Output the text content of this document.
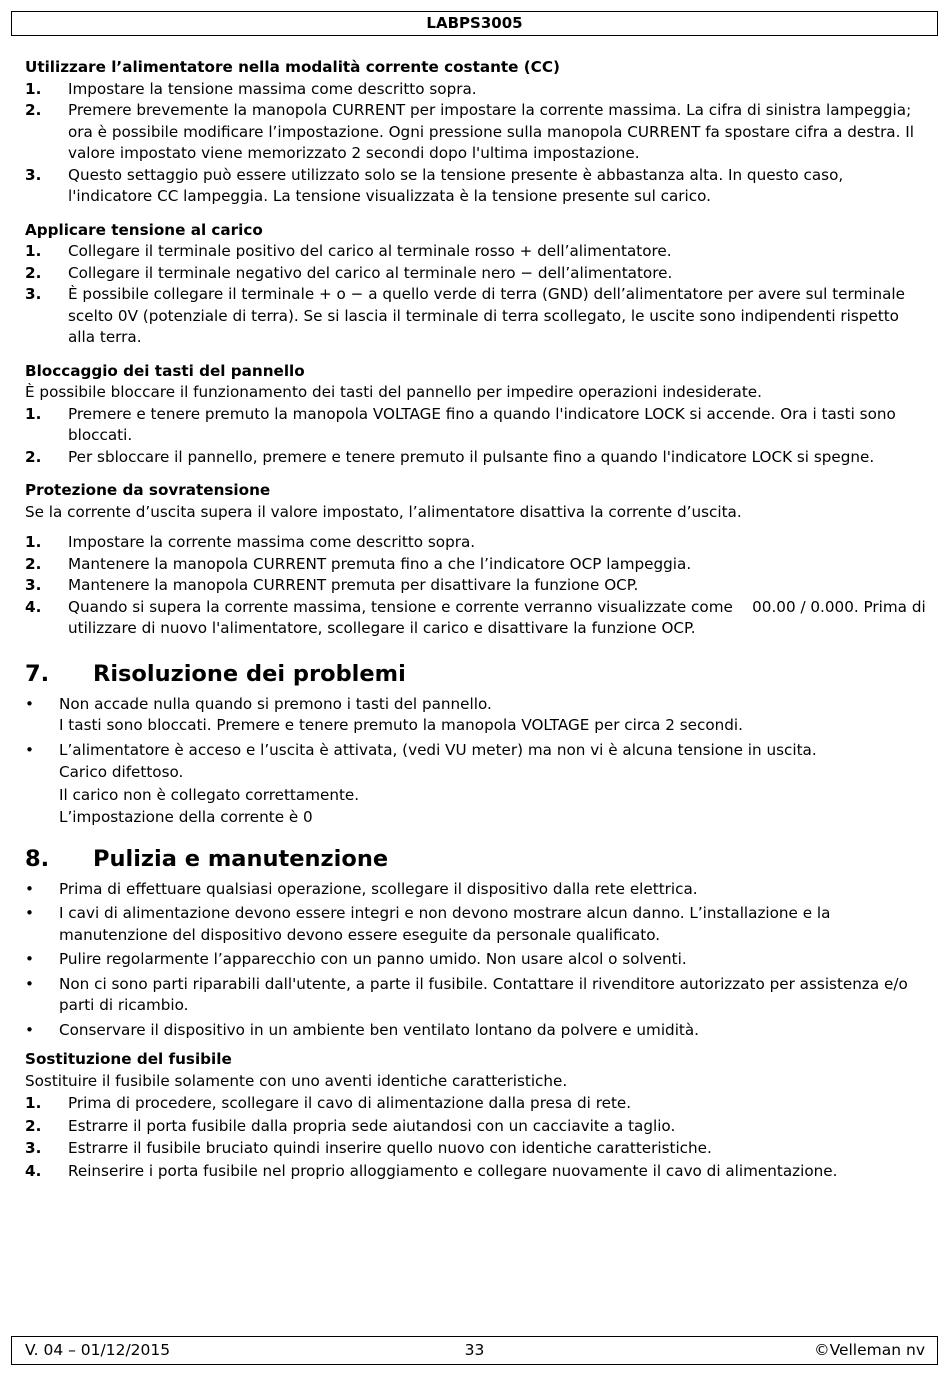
LABPS3005

Utilizzare l’alimentatore nella modalità corrente costante (CC)

1. Impostare la tensione massima come descritto sopra.
2. Premere brevemente la manopola CURRENT per impostare la corrente massima. La cifra di sinistra lampeggia; ora è possibile modificare l’impostazione. Ogni pressione sulla manopola CURRENT fa spostare cifra a destra. Il valore impostato viene memorizzato 2 secondi dopo l'ultima impostazione.
3. Questo settaggio può essere utilizzato solo se la tensione presente è abbastanza alta. In questo caso, l'indicatore CC lampeggia. La tensione visualizzata è la tensione presente sul carico.

Applicare tensione al carico

1. Collegare il terminale positivo del carico al terminale rosso + dell’alimentatore.
2. Collegare il terminale negativo del carico al terminale nero − dell’alimentatore.
3. È possibile collegare il terminale + o − a quello verde di terra (GND) dell’alimentatore per avere sul terminale scelto 0V (potenziale di terra). Se si lascia il terminale di terra scollegato, le uscite sono indipendenti rispetto alla terra.

Bloccaggio dei tasti del pannello

È possibile bloccare il funzionamento dei tasti del pannello per impedire operazioni indesiderate.

1. Premere e tenere premuto la manopola VOLTAGE fino a quando l'indicatore LOCK si accende. Ora i tasti sono bloccati.
2. Per sbloccare il pannello, premere e tenere premuto il pulsante fino a quando l'indicatore LOCK si spegne.

Protezione da sovratensione

Se la corrente d’uscita supera il valore impostato, l’alimentatore disattiva la corrente d’uscita.

1. Impostare la corrente massima come descritto sopra.
2. Mantenere la manopola CURRENT premuta fino a che l’indicatore OCP lampeggia.
3. Mantenere la manopola CURRENT premuta per disattivare la funzione OCP.
4. Quando si supera la corrente massima, tensione e corrente verranno visualizzate come    00.00 / 0.000. Prima di utilizzare di nuovo l'alimentatore, scollegare il carico e disattivare la funzione OCP.
7. Risoluzione dei problemi
• Non accade nulla quando si premono i tasti del pannello.
I tasti sono bloccati. Premere e tenere premuto la manopola VOLTAGE per circa 2 secondi.
• L’alimentatore è acceso e l’uscita è attivata, (vedi VU meter) ma non vi è alcuna tensione in uscita.
Carico difettoso.
Il carico non è collegato correttamente.
L’impostazione della corrente è 0
8. Pulizia e manutenzione
• Prima di effettuare qualsiasi operazione, scollegare il dispositivo dalla rete elettrica.
• I cavi di alimentazione devono essere integri e non devono mostrare alcun danno. L’installazione e la manutenzione del dispositivo devono essere eseguite da personale qualificato.
• Pulire regolarmente l’apparecchio con un panno umido. Non usare alcol o solventi.
• Non ci sono parti riparabili dall'utente, a parte il fusibile. Contattare il rivenditore autorizzato per assistenza e/o parti di ricambio.
• Conservare il dispositivo in un ambiente ben ventilato lontano da polvere e umidità.

Sostituzione del fusibile

Sostituire il fusibile solamente con uno aventi identiche caratteristiche.

1. Prima di procedere, scollegare il cavo di alimentazione dalla presa di rete.
2. Estrarre il porta fusibile dalla propria sede aiutandosi con un cacciavite a taglio.
3. Estrarre il fusibile bruciato quindi inserire quello nuovo con identiche caratteristiche.
4. Reinserire i porta fusibile nel proprio alloggiamento e collegare nuovamente il cavo di alimentazione.
V. 04 – 01/12/2015	33	©Velleman nv
